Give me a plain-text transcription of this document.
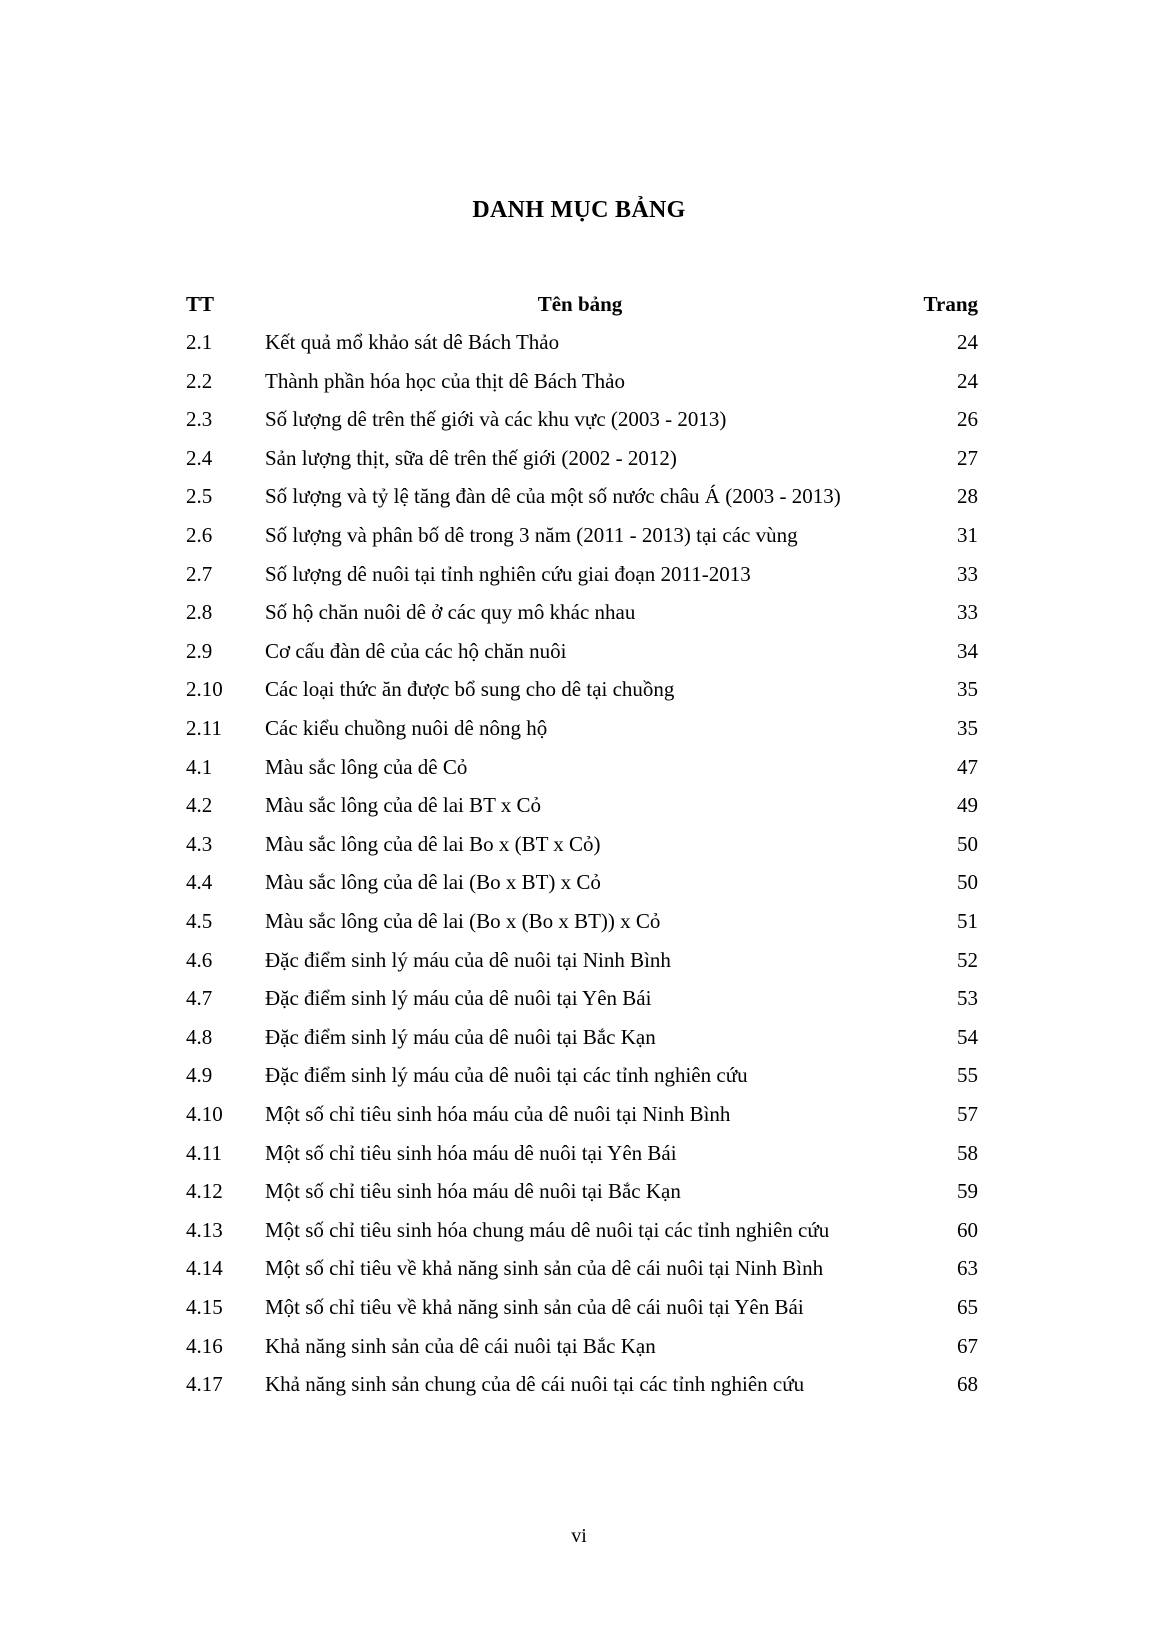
DANH MỤC BẢNG
TT	Tên bảng	Trang
2.1	Kết quả mổ khảo sát dê Bách Thảo	24
2.2	Thành phần hóa học của thịt dê Bách Thảo	24
2.3	Số lượng dê trên thế giới và các khu vực (2003 - 2013)	26
2.4	Sản lượng thịt, sữa dê trên thế giới (2002 - 2012)	27
2.5	Số lượng và tỷ lệ tăng đàn dê của một số nước châu Á (2003 - 2013)	28
2.6	Số lượng và phân bố dê trong 3 năm (2011 - 2013) tại các vùng	31
2.7	Số lượng dê nuôi tại tỉnh nghiên cứu giai đoạn 2011-2013	33
2.8	Số hộ chăn nuôi dê ở các quy mô khác nhau	33
2.9	Cơ cấu đàn dê của các hộ chăn nuôi	34
2.10 Các loại thức ăn được bổ sung cho dê tại chuồng	35
2.11 Các kiểu chuồng nuôi dê nông hộ	35
4.1	Màu sắc lông của dê Cỏ	47
4.2	Màu sắc lông của dê lai BT x Cỏ	49
4.3	Màu sắc lông của dê lai Bo x (BT x Cỏ)	50
4.4	Màu sắc lông của dê lai (Bo x BT) x Cỏ	50
4.5	Màu sắc lông của dê lai (Bo x (Bo x BT)) x Cỏ	51
4.6	Đặc điểm sinh lý máu của dê nuôi tại Ninh Bình	52
4.7	Đặc điểm sinh lý máu của dê nuôi tại Yên Bái	53
4.8	Đặc điểm sinh lý máu của dê nuôi tại Bắc Kạn	54
4.9	Đặc điểm sinh lý máu của dê nuôi tại các tỉnh nghiên cứu	55
4.10 Một số chỉ tiêu sinh hóa máu của dê nuôi tại Ninh Bình	57
4.11 Một số chỉ tiêu sinh hóa máu dê nuôi tại Yên Bái	58
4.12 Một số chỉ tiêu sinh hóa máu dê nuôi tại Bắc Kạn	59
4.13 Một số chỉ tiêu sinh hóa chung máu dê nuôi tại các tỉnh nghiên cứu	60
4.14 Một số chỉ tiêu về khả năng sinh sản của dê cái nuôi tại Ninh Bình	63
4.15 Một số chỉ tiêu về khả năng sinh sản của dê cái nuôi tại Yên Bái	65
4.16 Khả năng sinh sản của dê cái nuôi tại Bắc Kạn	67
4.17 Khả năng sinh sản chung của dê cái nuôi tại các tỉnh nghiên cứu	68
vi
